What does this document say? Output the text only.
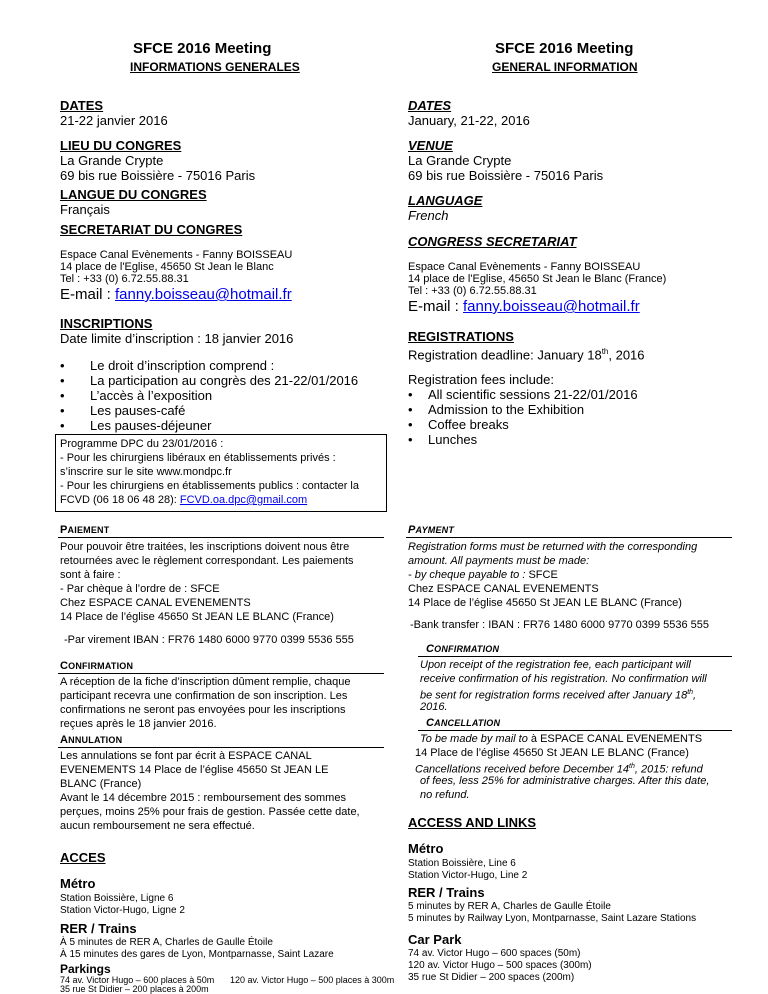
SFCE 2016 Meeting
INFORMATIONS GENERALES
DATES
21-22 janvier 2016
LIEU DU CONGRES
La Grande Crypte
69 bis rue Boissière - 75016 Paris
LANGUE DU CONGRES
Français
SECRETARIAT DU CONGRES
Espace Canal Evènements - Fanny BOISSEAU
14 place de l'Eglise, 45650 St Jean le Blanc
Tel : +33 (0) 6.72.55.88.31
E-mail : fanny.boisseau@hotmail.fr
INSCRIPTIONS
Date limite d’inscription : 18 janvier 2016
• Le droit d’inscription comprend :
• La participation au congrès des 21-22/01/2016
• L’accès à l’exposition
• Les pauses-café
• Les pauses-déjeuner
Programme DPC du 23/01/2016 :
- Pour les chirurgiens libéraux en établissements privés :
s’inscrire sur le site www.mondpc.fr
- Pour les chirurgiens en établissements publics : contacter la
FCVD (06 18 06 48 28): FCVD.oa.dpc@gmail.com
PAIEMENT
Pour pouvoir être traitées, les inscriptions doivent nous être
retournées avec le règlement correspondant. Les paiements
sont à faire :
- Par chèque à l’ordre de : SFCE
Chez ESPACE CANAL EVENEMENTS
14 Place de l’église 45650 St JEAN LE BLANC (France)
-Par virement IBAN : FR76 1480 6000 9770 0399 5536 555
CONFIRMATION
A réception de la fiche d’inscription dûment remplie, chaque
participant recevra une confirmation de son inscription. Les
confirmations ne seront pas envoyées pour les inscriptions
reçues après le 18 janvier 2016.
ANNULATION
Les annulations se font par écrit à ESPACE CANAL
EVENEMENTS 14 Place de l’église 45650 St JEAN LE
BLANC (France)
Avant le 14 décembre 2015 : remboursement des sommes
perçues, moins 25% pour frais de gestion. Passée cette date,
aucun remboursement ne sera effectué.
ACCES
Métro
Station Boissière, Ligne 6
Station Victor-Hugo, Ligne 2
RER / Trains
À 5 minutes de RER A, Charles de Gaulle Étoile
À 15 minutes des gares de Lyon, Montparnasse, Saint Lazare
Parkings
74 av. Victor Hugo – 600 places à 50m
35 rue St Didier – 200 places à 200m
120 av. Victor Hugo – 500 places à 300m
SFCE 2016 Meeting
GENERAL INFORMATION
DATES
January, 21-22, 2016
VENUE
La Grande Crypte
69 bis rue Boissière - 75016 Paris
LANGUAGE
French
CONGRESS SECRETARIAT
Espace Canal Evènements - Fanny BOISSEAU
14 place de l'Eglise, 45650 St Jean le Blanc (France)
Tel : +33 (0) 6.72.55.88.31
E-mail : fanny.boisseau@hotmail.fr
REGISTRATIONS
Registration deadline: January 18th, 2016
Registration fees include:
• All scientific sessions 21-22/01/2016
• Admission to the Exhibition
• Coffee breaks
• Lunches
PAYMENT
Registration forms must be returned with the corresponding
amount. All payments must be made:
- by cheque payable to : SFCE
Chez ESPACE CANAL EVENEMENTS
14 Place de l’église 45650 St JEAN LE BLANC (France)
-Bank transfer : IBAN : FR76 1480 6000 9770 0399 5536 555
CONFIRMATION
Upon receipt of the registration fee, each participant will
receive confirmation of his registration. No confirmation will
be sent for registration forms received after January 18th,
2016.
CANCELLATION
To be made by mail to à ESPACE CANAL EVENEMENTS
14 Place de l’église 45650 St JEAN LE BLANC (France)
Cancellations received before December 14th, 2015: refund
of fees, less 25% for administrative charges. After this date,
no refund.
ACCESS AND LINKS
Métro
Station Boissière, Line 6
Station Victor-Hugo, Line 2
RER / Trains
5 minutes by RER A, Charles de Gaulle Étoile
5 minutes by Railway Lyon, Montparnasse, Saint Lazare Stations
Car Park
74 av. Victor Hugo – 600 spaces (50m)
120 av. Victor Hugo – 500 spaces (300m)
35 rue St Didier – 200 spaces (200m)
